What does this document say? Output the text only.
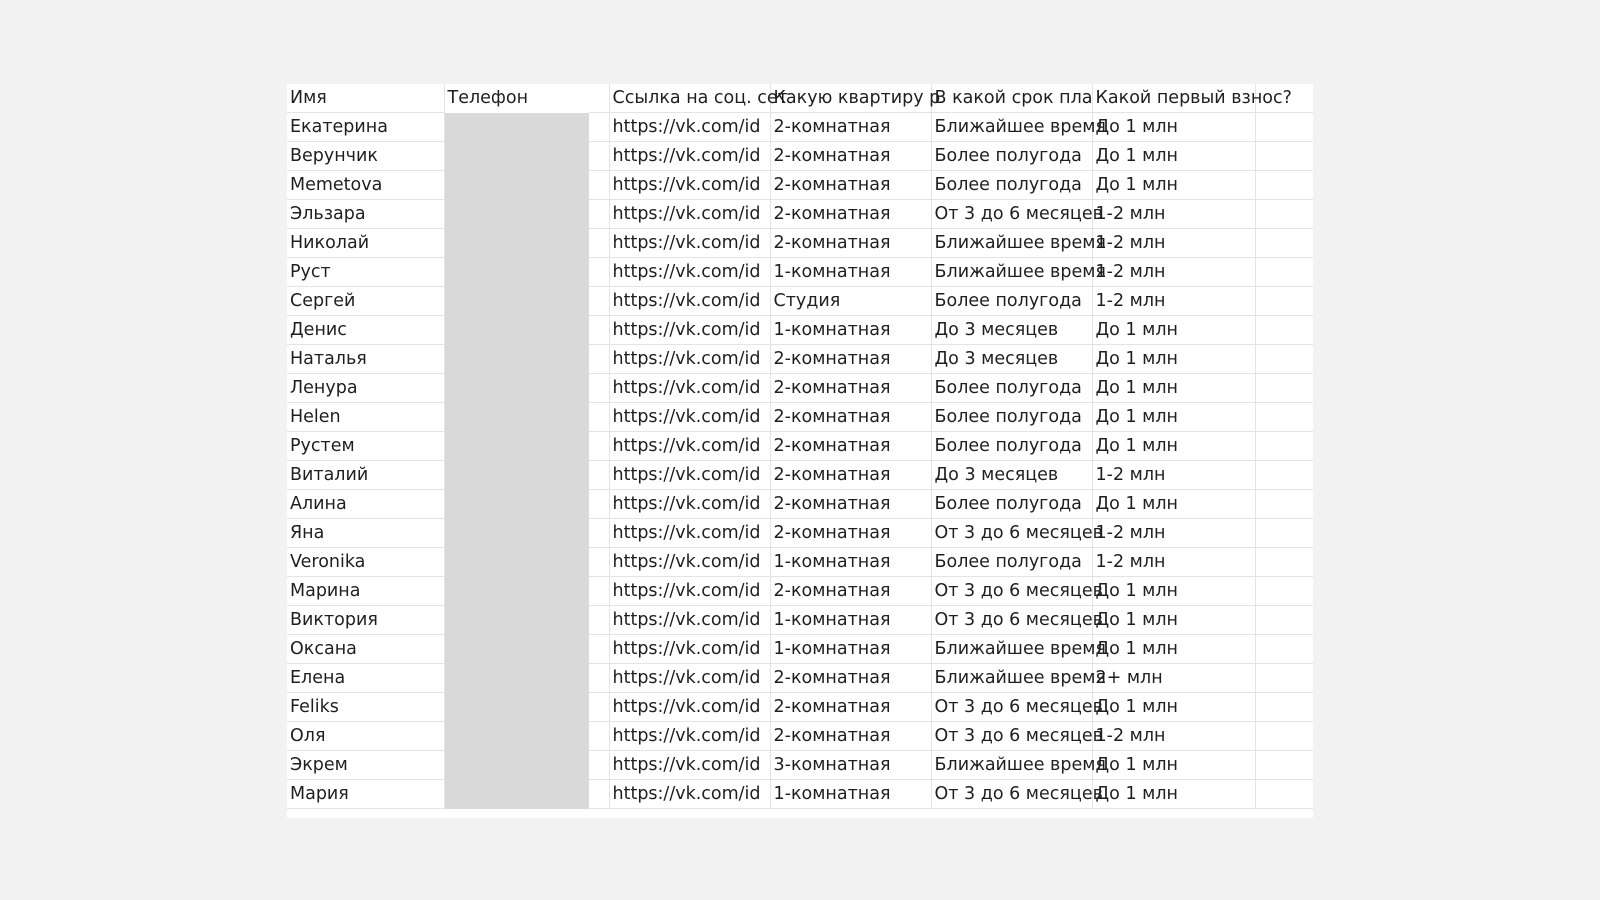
Имя	Телефон		Ссылка на соц. сет	Какую квартиру р	В какой срок пла	Какой первый взнос?	
Екатерина			https://vk.com/id	2-комнатная	Ближайшее время	До 1 млн	
Верунчик			https://vk.com/id	2-комнатная	Более полугода	До 1 млн	
Memetova			https://vk.com/id	2-комнатная	Более полугода	До 1 млн	
Эльзара			https://vk.com/id	2-комнатная	От 3 до 6 месяцев	1-2 млн	
Николай			https://vk.com/id	2-комнатная	Ближайшее время	1-2 млн	
Руст			https://vk.com/id	1-комнатная	Ближайшее время	1-2 млн	
Сергей			https://vk.com/id	Студия	Более полугода	1-2 млн	
Денис			https://vk.com/id	1-комнатная	До 3 месяцев	До 1 млн	
Наталья			https://vk.com/id	2-комнатная	До 3 месяцев	До 1 млн	
Ленура			https://vk.com/id	2-комнатная	Более полугода	До 1 млн	
Helen			https://vk.com/id	2-комнатная	Более полугода	До 1 млн	
Рустем			https://vk.com/id	2-комнатная	Более полугода	До 1 млн	
Виталий			https://vk.com/id	2-комнатная	До 3 месяцев	1-2 млн	
Алина			https://vk.com/id	2-комнатная	Более полугода	До 1 млн	
Яна			https://vk.com/id	2-комнатная	От 3 до 6 месяцев	1-2 млн	
Veronika			https://vk.com/id	1-комнатная	Более полугода	1-2 млн	
Марина			https://vk.com/id	2-комнатная	От 3 до 6 месяцев	До 1 млн	
Виктория			https://vk.com/id	1-комнатная	От 3 до 6 месяцев	До 1 млн	
Оксана			https://vk.com/id	1-комнатная	Ближайшее время	До 1 млн	
Елена			https://vk.com/id	2-комнатная	Ближайшее время	2+ млн	
Feliks			https://vk.com/id	2-комнатная	От 3 до 6 месяцев	До 1 млн	
Оля			https://vk.com/id	2-комнатная	От 3 до 6 месяцев	1-2 млн	
Экрем			https://vk.com/id	3-комнатная	Ближайшее время	До 1 млн	
Мария			https://vk.com/id	1-комнатная	От 3 до 6 месяцев	До 1 млн	
